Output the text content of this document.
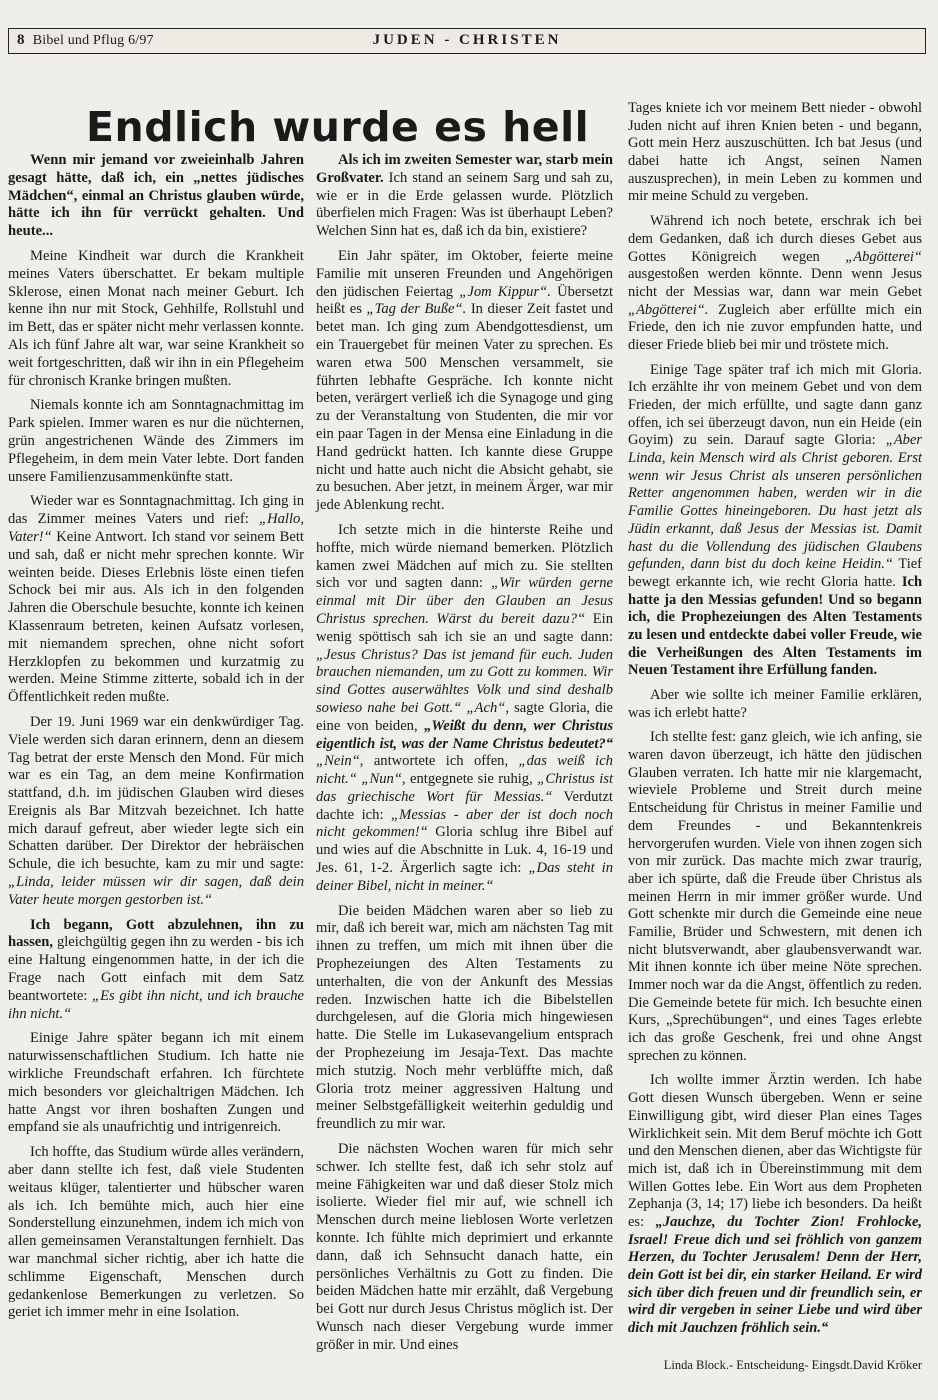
8 Bibel und Pflug 6/97	JUDEN - CHRISTEN
Endlich wurde es hell

Wenn mir jemand vor zweieinhalb Jahren gesagt hätte, daß ich, ein „nettes jüdisches Mädchen“, einmal an Christus glauben würde, hätte ich ihn für verrückt gehalten. Und heute...

Meine Kindheit war durch die Krankheit meines Vaters überschattet. Er bekam multiple Sklerose, einen Monat nach meiner Geburt. Ich kenne ihn nur mit Stock, Gehhilfe, Rollstuhl und im Bett, das er später nicht mehr verlassen konnte. Als ich fünf Jahre alt war, war seine Krankheit so weit fortgeschritten, daß wir ihn in ein Pflegeheim für chronisch Kranke bringen mußten.

Niemals konnte ich am Sonntagnachmittag im Park spielen. Immer waren es nur die nüchternen, grün angestrichenen Wände des Zimmers im Pflegeheim, in dem mein Vater lebte. Dort fanden unsere Familienzusammenkünfte statt.

Wieder war es Sonntagnachmittag. Ich ging in das Zimmer meines Vaters und rief: „Hallo, Vater!“ Keine Antwort. Ich stand vor seinem Bett und sah, daß er nicht mehr sprechen konnte. Wir weinten beide. Dieses Erlebnis löste einen tiefen Schock bei mir aus. Als ich in den folgenden Jahren die Oberschule besuchte, konnte ich keinen Klassenraum betreten, keinen Aufsatz vorlesen, mit niemandem sprechen, ohne nicht sofort Herzklopfen zu bekommen und kurzatmig zu werden. Meine Stimme zitterte, sobald ich in der Öffentlichkeit reden mußte.

Der 19. Juni 1969 war ein denkwürdiger Tag. Viele werden sich daran erinnern, denn an diesem Tag betrat der erste Mensch den Mond. Für mich war es ein Tag, an dem meine Konfirmation stattfand, d.h. im jüdischen Glauben wird dieses Ereignis als Bar Mitzvah bezeichnet. Ich hatte mich darauf gefreut, aber wieder legte sich ein Schatten darüber. Der Direktor der hebräischen Schule, die ich besuchte, kam zu mir und sagte: „Linda, leider müssen wir dir sagen, daß dein Vater heute morgen gestorben ist.“

Ich begann, Gott abzulehnen, ihn zu hassen, gleichgültig gegen ihn zu werden - bis ich eine Haltung eingenommen hatte, in der ich die Frage nach Gott einfach mit dem Satz beantwortete: „Es gibt ihn nicht, und ich brauche ihn nicht.“

Einige Jahre später begann ich mit einem naturwissenschaftlichen Studium. Ich hatte nie wirkliche Freundschaft erfahren. Ich fürchtete mich besonders vor gleichaltrigen Mädchen. Ich hatte Angst vor ihren boshaften Zungen und empfand sie als unaufrichtig und intrigenreich.

Ich hoffte, das Studium würde alles verändern, aber dann stellte ich fest, daß viele Studenten weitaus klüger, talentierter und hübscher waren als ich. Ich bemühte mich, auch hier eine Sonderstellung einzunehmen, indem ich mich von allen gemeinsamen Veranstaltungen fernhielt. Das war manchmal sicher richtig, aber ich hatte die schlimme Eigenschaft, Menschen durch gedankenlose Bemerkungen zu verletzen. So geriet ich immer mehr in eine Isolation.

Als ich im zweiten Semester war, starb mein Großvater. Ich stand an seinem Sarg und sah zu, wie er in die Erde gelassen wurde. Plötzlich überfielen mich Fragen: Was ist überhaupt Leben? Welchen Sinn hat es, daß ich da bin, existiere?

Ein Jahr später, im Oktober, feierte meine Familie mit unseren Freunden und Angehörigen den jüdischen Feiertag „Jom Kippur“. Übersetzt heißt es „Tag der Buße“. In dieser Zeit fastet und betet man. Ich ging zum Abendgottesdienst, um ein Trauergebet für meinen Vater zu sprechen. Es waren etwa 500 Menschen versammelt, sie führten lebhafte Gespräche. Ich konnte nicht beten, verärgert verließ ich die Synagoge und ging zu der Veranstaltung von Studenten, die mir vor ein paar Tagen in der Mensa eine Einladung in die Hand gedrückt hatten. Ich kannte diese Gruppe nicht und hatte auch nicht die Absicht gehabt, sie zu besuchen. Aber jetzt, in meinem Ärger, war mir jede Ablenkung recht.

Ich setzte mich in die hinterste Reihe und hoffte, mich würde niemand bemerken. Plötzlich kamen zwei Mädchen auf mich zu. Sie stellten sich vor und sagten dann: „Wir würden gerne einmal mit Dir über den Glauben an Jesus Christus sprechen. Wärst du bereit dazu?“ Ein wenig spöttisch sah ich sie an und sagte dann: „Jesus Christus? Das ist jemand für euch. Juden brauchen niemanden, um zu Gott zu kommen. Wir sind Gottes auserwähltes Volk und sind deshalb sowieso nahe bei Gott.“ „Ach“, sagte Gloria, die eine von beiden, „Weißt du denn, wer Christus eigentlich ist, was der Name Christus bedeutet?“ „Nein“, antwortete ich offen, „das weiß ich nicht.“ „Nun“, entgegnete sie ruhig, „Christus ist das griechische Wort für Messias.“ Verdutzt dachte ich: „Messias - aber der ist doch noch nicht gekommen!“ Gloria schlug ihre Bibel auf und wies auf die Abschnitte in Luk. 4, 16-19 und Jes. 61, 1-2. Ärgerlich sagte ich: „Das steht in deiner Bibel, nicht in meiner.“

Die beiden Mädchen waren aber so lieb zu mir, daß ich bereit war, mich am nächsten Tag mit ihnen zu treffen, um mich mit ihnen über die Prophezeiungen des Alten Testaments zu unterhalten, die von der Ankunft des Messias reden. Inzwischen hatte ich die Bibelstellen durchgelesen, auf die Gloria mich hingewiesen hatte. Die Stelle im Lukasevangelium entsprach der Prophezeiung im Jesaja-Text. Das machte mich stutzig. Noch mehr verblüffte mich, daß Gloria trotz meiner aggressiven Haltung und meiner Selbstgefälligkeit weiterhin geduldig und freundlich zu mir war.

Die nächsten Wochen waren für mich sehr schwer. Ich stellte fest, daß ich sehr stolz auf meine Fähigkeiten war und daß dieser Stolz mich isolierte. Wieder fiel mir auf, wie schnell ich Menschen durch meine lieblosen Worte verletzen konnte. Ich fühlte mich deprimiert und erkannte dann, daß ich Sehnsucht danach hatte, ein persönliches Verhältnis zu Gott zu finden. Die beiden Mädchen hatte mir erzählt, daß Vergebung bei Gott nur durch Jesus Christus möglich ist. Der Wunsch nach dieser Vergebung wurde immer größer in mir. Und eines

Tages kniete ich vor meinem Bett nieder - obwohl Juden nicht auf ihren Knien beten - und begann, Gott mein Herz auszuschütten. Ich bat Jesus (und dabei hatte ich Angst, seinen Namen auszusprechen), in mein Leben zu kommen und mir meine Schuld zu vergeben.

Während ich noch betete, erschrak ich bei dem Gedanken, daß ich durch dieses Gebet aus Gottes Königreich wegen „Abgötterei“ ausgestoßen werden könnte. Denn wenn Jesus nicht der Messias war, dann war mein Gebet „Abgötterei“. Zugleich aber erfüllte mich ein Friede, den ich nie zuvor empfunden hatte, und dieser Friede blieb bei mir und tröstete mich.

Einige Tage später traf ich mich mit Gloria. Ich erzählte ihr von meinem Gebet und von dem Frieden, der mich erfüllte, und sagte dann ganz offen, ich sei überzeugt davon, nun ein Heide (ein Goyim) zu sein. Darauf sagte Gloria: „Aber Linda, kein Mensch wird als Christ geboren. Erst wenn wir Jesus Christ als unseren persönlichen Retter angenommen haben, werden wir in die Familie Gottes hineingeboren. Du hast jetzt als Jüdin erkannt, daß Jesus der Messias ist. Damit hast du die Vollendung des jüdischen Glaubens gefunden, dann bist du doch keine Heidin.“ Tief bewegt erkannte ich, wie recht Gloria hatte. Ich hatte ja den Messias gefunden! Und so begann ich, die Prophezeiungen des Alten Testaments zu lesen und entdeckte dabei voller Freude, wie die Verheißungen des Alten Testaments im Neuen Testament ihre Erfüllung fanden.

Aber wie sollte ich meiner Familie erklären, was ich erlebt hatte?

Ich stellte fest: ganz gleich, wie ich anfing, sie waren davon überzeugt, ich hätte den jüdischen Glauben verraten. Ich hatte mir nie klargemacht, wieviele Probleme und Streit durch meine Entscheidung für Christus in meiner Familie und dem Freundes - und Bekanntenkreis hervorgerufen wurden. Viele von ihnen zogen sich von mir zurück. Das machte mich zwar traurig, aber ich spürte, daß die Freude über Christus als meinen Herrn in mir immer größer wurde. Und Gott schenkte mir durch die Gemeinde eine neue Familie, Brüder und Schwestern, mit denen ich nicht blutsverwandt, aber glaubensverwandt war. Mit ihnen konnte ich über meine Nöte sprechen. Immer noch war da die Angst, öffentlich zu reden. Die Gemeinde betete für mich. Ich besuchte einen Kurs, „Sprechübungen“, und eines Tages erlebte ich das große Geschenk, frei und ohne Angst sprechen zu können.

Ich wollte immer Ärztin werden. Ich habe Gott diesen Wunsch übergeben. Wenn er seine Einwilligung gibt, wird dieser Plan eines Tages Wirklichkeit sein. Mit dem Beruf möchte ich Gott und den Menschen dienen, aber das Wichtigste für mich ist, daß ich in Übereinstimmung mit dem Willen Gottes lebe. Ein Wort aus dem Propheten Zephanja (3, 14; 17) liebe ich besonders. Da heißt es: „Jauchze, du Tochter Zion! Frohlocke, Israel! Freue dich und sei fröhlich von ganzem Herzen, du Tochter Jerusalem! Denn der Herr, dein Gott ist bei dir, ein starker Heiland. Er wird sich über dich freuen und dir freundlich sein, er wird dir vergeben in seiner Liebe und wird über dich mit Jauchzen fröhlich sein.“

Linda Block.- Entscheidung- Eingsdt.David Kröker
